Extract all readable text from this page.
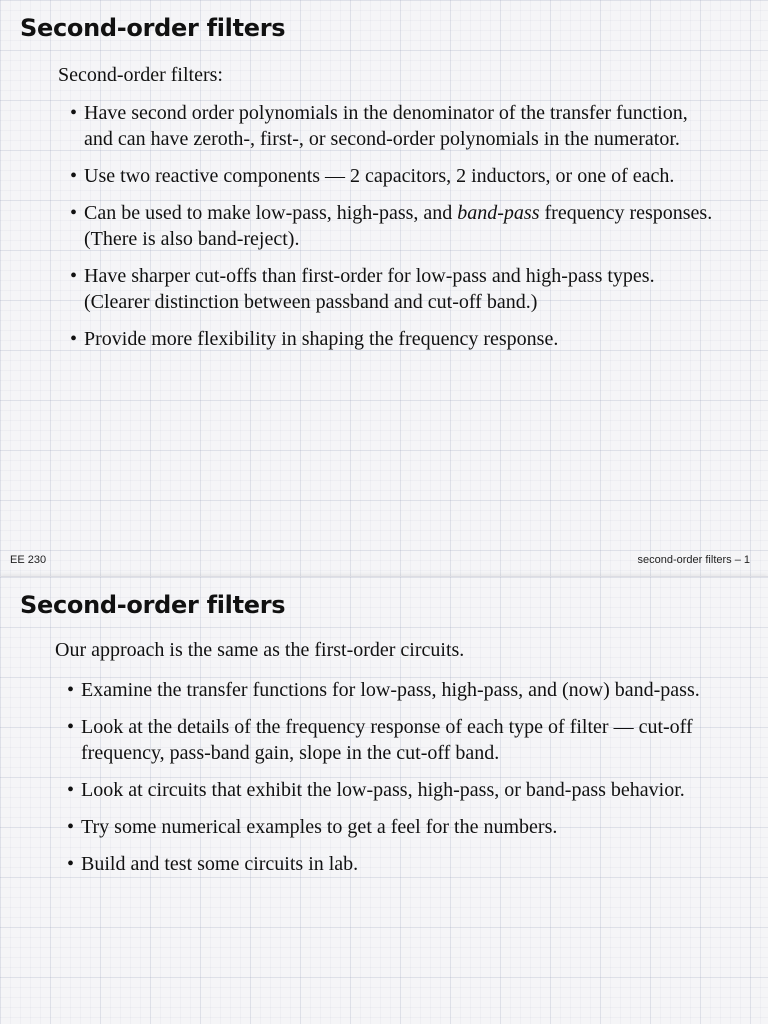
Second-order filters

Second-order filters:

• Have second order polynomials in the denominator of the transfer function, and can have zeroth-, first-, or second-order polynomials in the numerator.
• Use two reactive components — 2 capacitors, 2 inductors, or one of each.
• Can be used to make low-pass, high-pass, and band-pass frequency responses. (There is also band-reject).
• Have sharper cut-offs than first-order for low-pass and high-pass types. (Clearer distinction between passband and cut-off band.)
• Provide more flexibility in shaping the frequency response.
EE 230	second-order filters – 1
Second-order filters

Our approach is the same as the first-order circuits.

• Examine the transfer functions for low-pass, high-pass, and (now) band-pass.
• Look at the details of the frequency response of each type of filter — cut-off frequency, pass-band gain, slope in the cut-off band.
• Look at circuits that exhibit the low-pass, high-pass, or band-pass behavior.
• Try some numerical examples to get a feel for the numbers.
• Build and test some circuits in lab.
